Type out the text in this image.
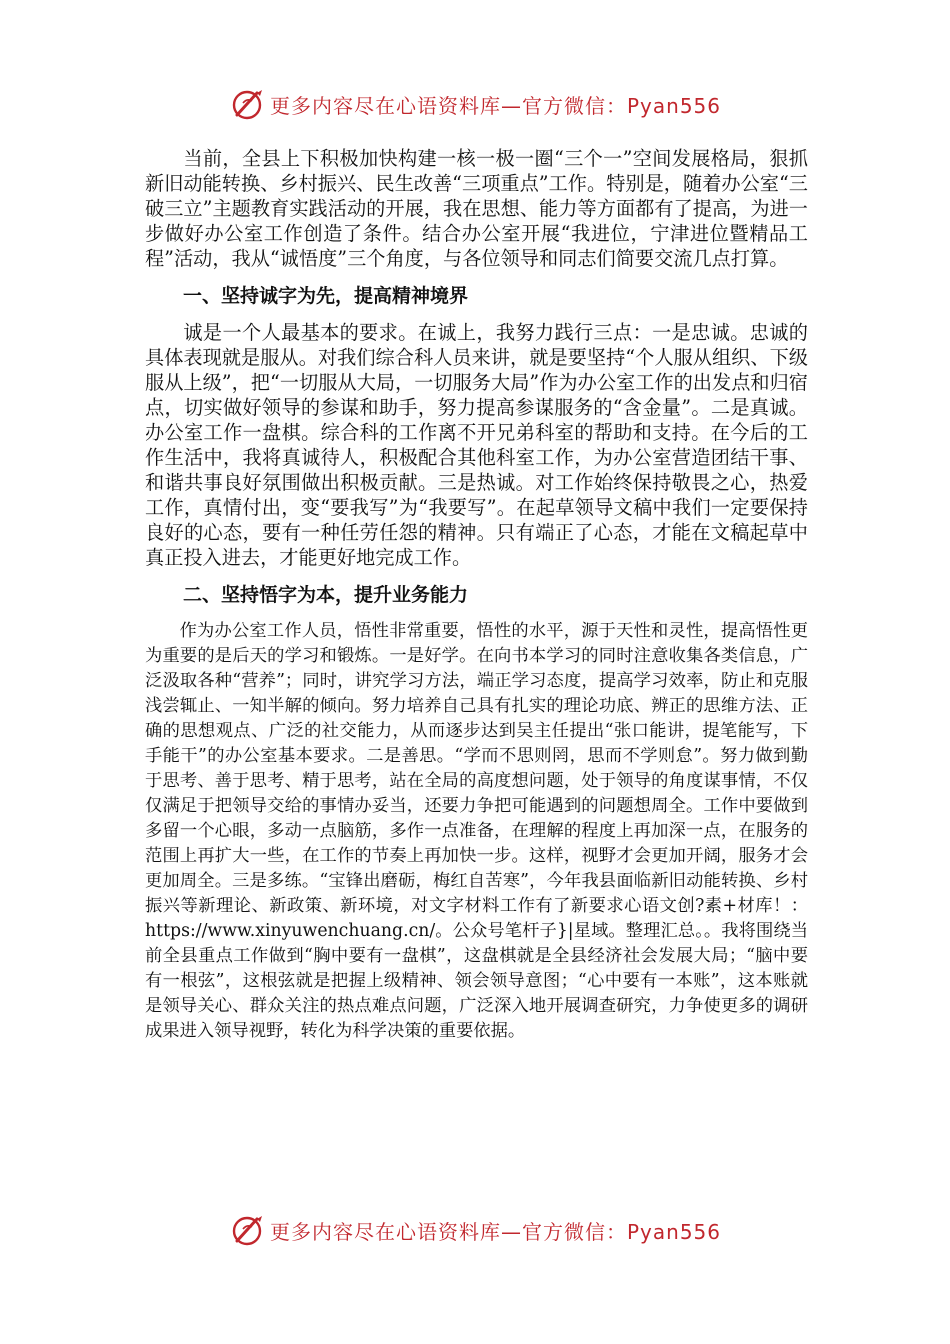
更多内容尽在心语资料库—官方微信：Pyan556

当前，全县上下积极加快构建一核一极一圈“三个一”空间发展格局，狠抓新旧动能转换、乡村振兴、民生改善“三项重点”工作。特别是，随着办公室“三破三立”主题教育实践活动的开展，我在思想、能力等方面都有了提高，为进一步做好办公室工作创造了条件。结合办公室开展“我进位，宁津进位暨精品工程”活动，我从“诚悟度”三个角度，与各位领导和同志们简要交流几点打算。

一、坚持诚字为先，提高精神境界

诚是一个人最基本的要求。在诚上，我努力践行三点：一是忠诚。忠诚的具体表现就是服从。对我们综合科人员来讲，就是要坚持“个人服从组织、下级服从上级”，把“一切服从大局，一切服务大局”作为办公室工作的出发点和归宿点，切实做好领导的参谋和助手，努力提高参谋服务的“含金量”。二是真诚。办公室工作一盘棋。综合科的工作离不开兄弟科室的帮助和支持。在今后的工作生活中，我将真诚待人，积极配合其他科室工作，为办公室营造团结干事、和谐共事良好氛围做出积极贡献。三是热诚。对工作始终保持敬畏之心，热爱工作，真情付出，变“要我写”为“我要写”。在起草领导文稿中我们一定要保持良好的心态，要有一种任劳任怨的精神。只有端正了心态，才能在文稿起草中真正投入进去，才能更好地完成工作。

二、坚持悟字为本，提升业务能力

作为办公室工作人员，悟性非常重要，悟性的水平，源于天性和灵性，提高悟性更为重要的是后天的学习和锻炼。一是好学。在向书本学习的同时注意收集各类信息，广泛汲取各种“营养”；同时，讲究学习方法，端正学习态度，提高学习效率，防止和克服浅尝辄止、一知半解的倾向。努力培养自己具有扎实的理论功底、辨正的思维方法、正确的思想观点、广泛的社交能力，从而逐步达到吴主任提出“张口能讲，提笔能写，下手能干”的办公室基本要求。二是善思。“学而不思则罔，思而不学则怠”。努力做到勤于思考、善于思考、精于思考，站在全局的高度想问题，处于领导的角度谋事情，不仅仅满足于把领导交给的事情办妥当，还要力争把可能遇到的问题想周全。工作中要做到多留一个心眼，多动一点脑筋，多作一点准备，在理解的程度上再加深一点，在服务的范围上再扩大一些，在工作的节奏上再加快一步。这样，视野才会更加开阔，服务才会更加周全。三是多练。“宝锋出磨砺，梅红自苦寒”，今年我县面临新旧动能转换、乡村振兴等新理论、新政策、新环境，对文字材料工作有了新要求心语文创?素+材库！：https://www.xinyuwenchuang.cn/。公众号笔杆子}|星域。整理汇总。。我将围绕当前全县重点工作做到“胸中要有一盘棋”，这盘棋就是全县经济社会发展大局；“脑中要有一根弦”，这根弦就是把握上级精神、领会领导意图；“心中要有一本账”，这本账就是领导关心、群众关注的热点难点问题，广泛深入地开展调查研究，力争使更多的调研成果进入领导视野，转化为科学决策的重要依据。

更多内容尽在心语资料库—官方微信：Pyan556
